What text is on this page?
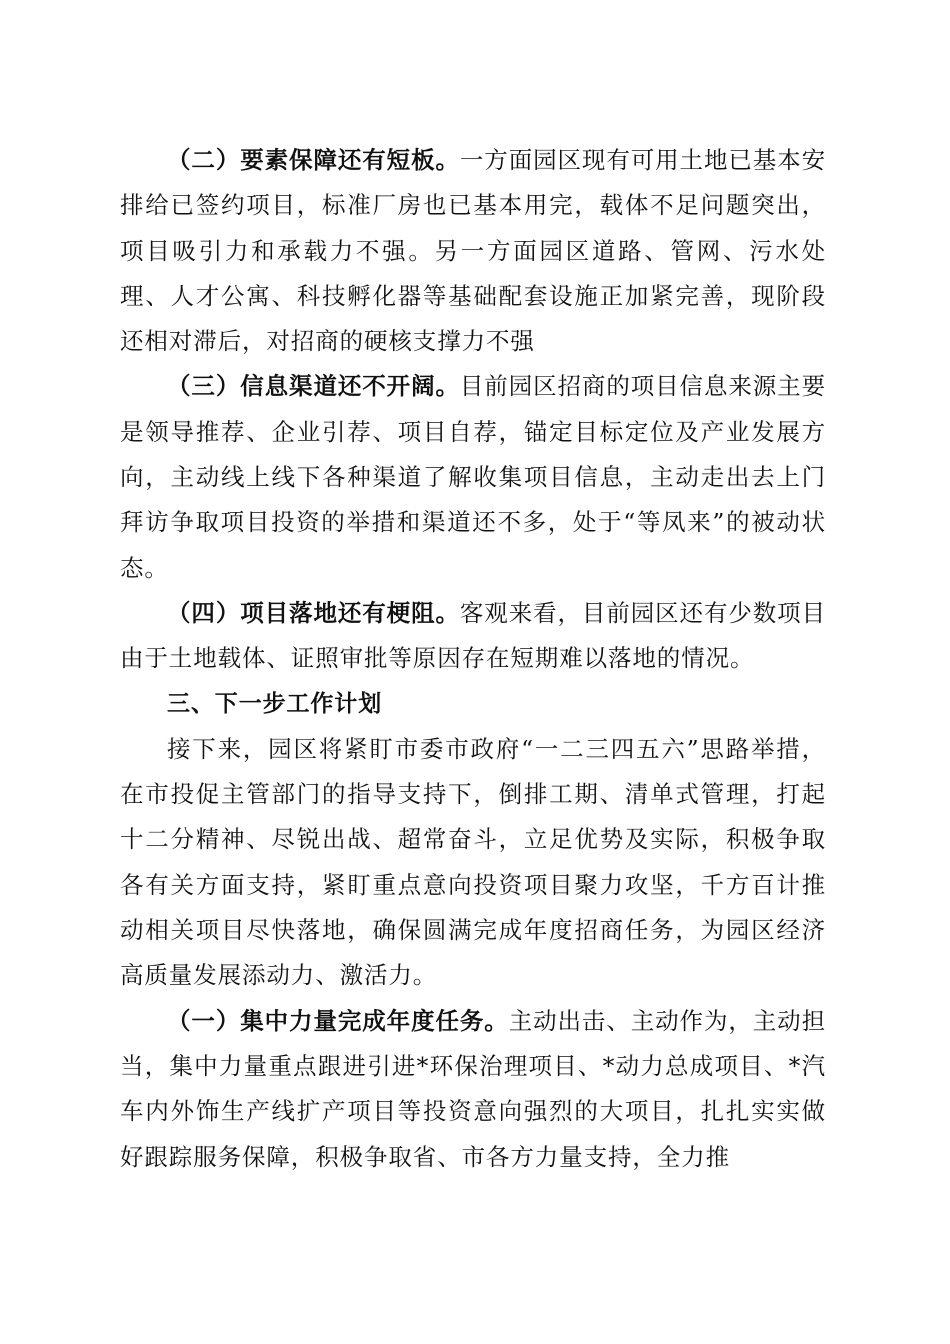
（二）要素保障还有短板。一方面园区现有可用土地已基本安排给已签约项目，标准厂房也已基本用完，载体不足问题突出，项目吸引力和承载力不强。另一方面园区道路、管网、污水处理、人才公寓、科技孵化器等基础配套设施正加紧完善，现阶段还相对滞后，对招商的硬核支撑力不强

（三）信息渠道还不开阔。目前园区招商的项目信息来源主要是领导推荐、企业引荐、项目自荐，锚定目标定位及产业发展方向，主动线上线下各种渠道了解收集项目信息，主动走出去上门拜访争取项目投资的举措和渠道还不多，处于“等凤来”的被动状态。

（四）项目落地还有梗阻。客观来看，目前园区还有少数项目由于土地载体、证照审批等原因存在短期难以落地的情况。

三、下一步工作计划

接下来，园区将紧盯市委市政府“一二三四五六”思路举措，在市投促主管部门的指导支持下，倒排工期、清单式管理，打起十二分精神、尽锐出战、超常奋斗，立足优势及实际，积极争取各有关方面支持，紧盯重点意向投资项目聚力攻坚，千方百计推动相关项目尽快落地，确保圆满完成年度招商任务，为园区经济高质量发展添动力、激活力。

（一）集中力量完成年度任务。主动出击、主动作为，主动担当，集中力量重点跟进引进*环保治理项目、*动力总成项目、*汽车内外饰生产线扩产项目等投资意向强烈的大项目，扎扎实实做好跟踪服务保障，积极争取省、市各方力量支持，全力推
